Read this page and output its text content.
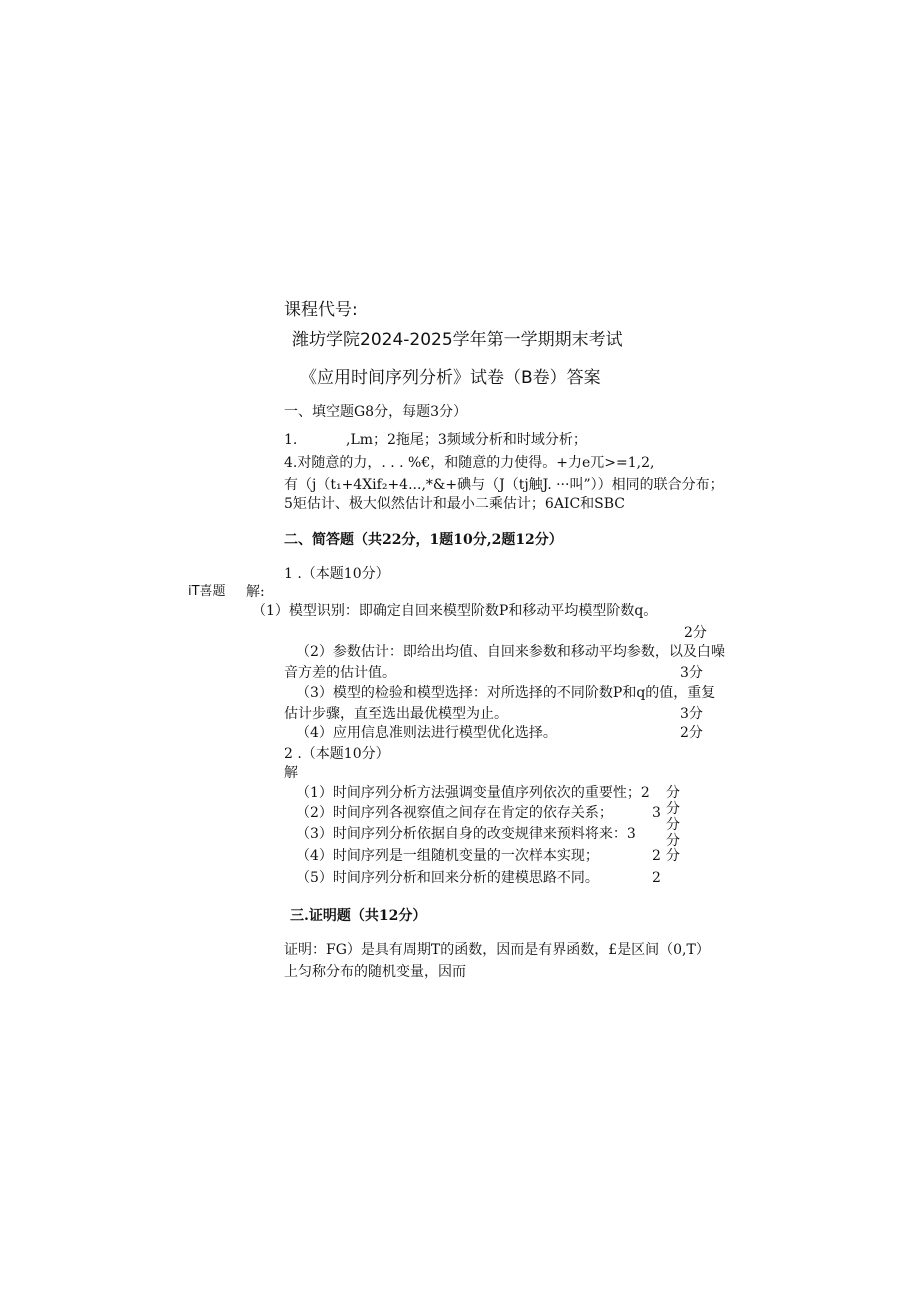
课程代号:
潍坊学院2024-2025学年第一学期期末考试
《应用时间序列分析》试卷（B卷）答案
一、填空题G8分，每题3分）
1.	,Lm；2拖尾；3频域分析和时域分析；
4.对随意的力，. . . %€，和随意的力使得。+力e兀>=1,2,
有（j（t₁+4Xif₂+4...,*&+碘与（J（tj触J. ···叫”））相同的联合分布；
5矩估计、极大似然估计和最小二乘估计；6AIC和SBC
二、简答题（共22分，1题10分,2题12分）
1 .（本题10分）
iT喜题 解:
（1）模型识别：即确定自回来模型阶数P和移动平均模型阶数q。
2分
（2）参数估计：即给出均值、自回来参数和移动平均参数，以及白噪
音方差的估计值。	3分
（3）模型的检验和模型选择：对所选择的不同阶数P和q的值，重复
估计步骤，直至选出最优模型为止。	3分
（4）应用信息准则法进行模型优化选择。	2分
2 .（本题10分）
解
（1）时间序列分析方法强调变量值序列依次的重要性；2
（2）时间序列各视察值之间存在肯定的依存关系；	3
（3）时间序列分析依据自身的改变规律来预料将来：3
（4）时间序列是一组随机变量的一次样本实现；	2
（5）时间序列分析和回来分析的建模思路不同。	2
分
分
分
分
分
三.证明题（共12分）
证明：FG）是具有周期T的函数，因而是有界函数，£是区间（0,T）
上匀称分布的随机变量，因而
